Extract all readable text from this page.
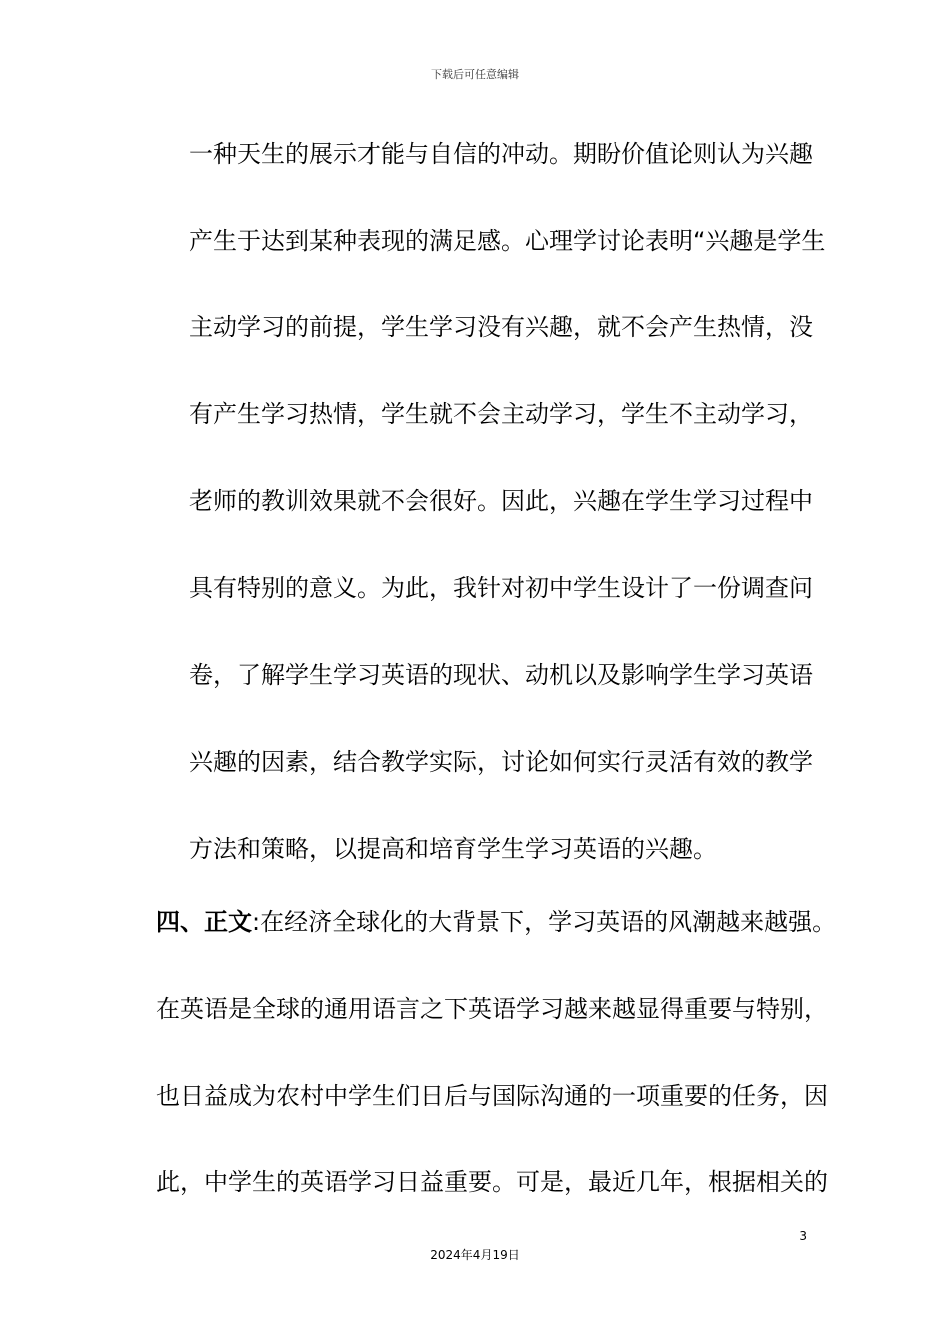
下载后可任意编辑
一种天生的展示才能与自信的冲动。期盼价值论则认为兴趣
产生于达到某种表现的满足感。心理学讨论表明“兴趣是学生
主动学习的前提，学生学习没有兴趣，就不会产生热情，没
有产生学习热情，学生就不会主动学习，学生不主动学习，
老师的教训效果就不会很好。因此，兴趣在学生学习过程中
具有特别的意义。为此，我针对初中学生设计了一份调查问
卷，了解学生学习英语的现状、动机以及影响学生学习英语
兴趣的因素，结合教学实际，讨论如何实行灵活有效的教学
方法和策略，以提高和培育学生学习英语的兴趣。
四、正文:在经济全球化的大背景下，学习英语的风潮越来越强。
在英语是全球的通用语言之下英语学习越来越显得重要与特别，
也日益成为农村中学生们日后与国际沟通的一项重要的任务，因
此，中学生的英语学习日益重要。可是，最近几年，根据相关的
3
2024年4月19日
